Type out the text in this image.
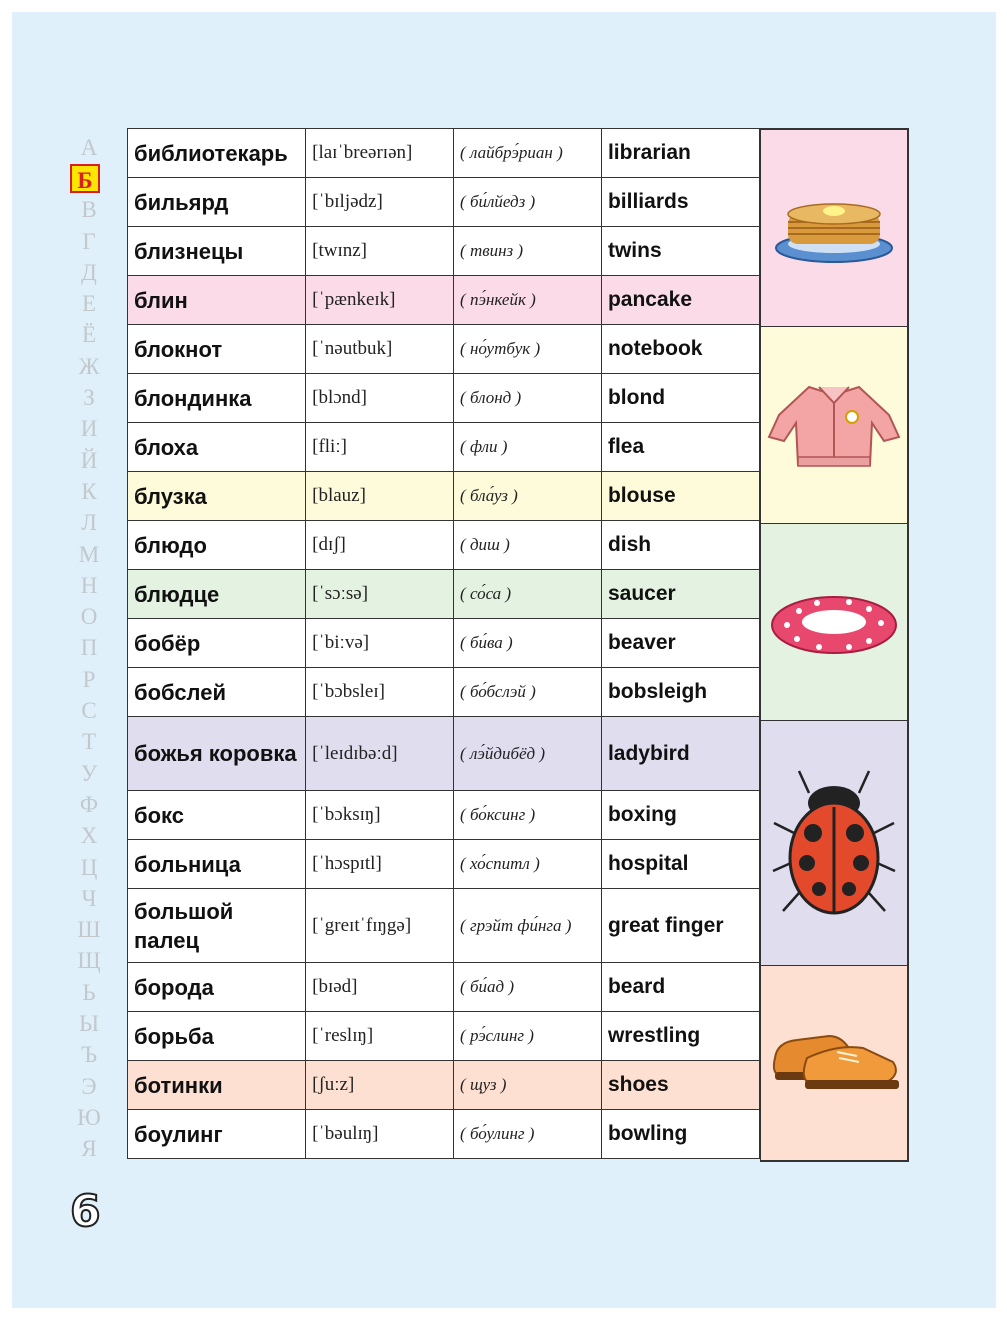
А
Б
В
Г
Д
Е
Ё
Ж
З
И
Й
К
Л
М
Н
О
П
Р
С
Т
У
Ф
Х
Ц
Ч
Ш
Щ
Ь
Ы
Ъ
Э
Ю
Я
6
библиотекарь	[laɪˈbreərɪən]	( лайбрэ́риан )	librarian
бильярд	[ˈbɪljədz]	( би́лйедз )	billiards
близнецы	[twɪnz]	( твинз )	twins
блин	[ˈpænkeɪk]	( пэ́нкейк )	pancake
блокнот	[ˈnəutbuk]	( но́утбук )	notebook
блондинка	[blɔnd]	( блонд )	blond
блоха	[fliː]	( фли )	flea
блузка	[blauz]	( бла́уз )	blouse
блюдо	[dɪʃ]	( диш )	dish
блюдце	[ˈsɔːsə]	( со́са )	saucer
бобёр	[ˈbiːvə]	( би́ва )	beaver
бобслей	[ˈbɔbsleɪ]	( бо́бслэй )	bobsleigh
божья коровка	[ˈleɪdɪbəːd]	( лэ́йдибёд )	ladybird
бокс	[ˈbɔksɪŋ]	( бо́ксинг )	boxing
больница	[ˈhɔspɪtl]	( хо́спитл )	hospital
большой палец	[ˈgreɪtˈfɪŋgə]	( грэйт фи́нга )	great finger
борода	[bɪəd]	( би́ад )	beard
борьба	[ˈreslɪŋ]	( рэ́слинг )	wrestling
ботинки	[ʃuːz]	( щуз )	shoes
боулинг	[ˈbəulɪŋ]	( бо́улинг )	bowling
